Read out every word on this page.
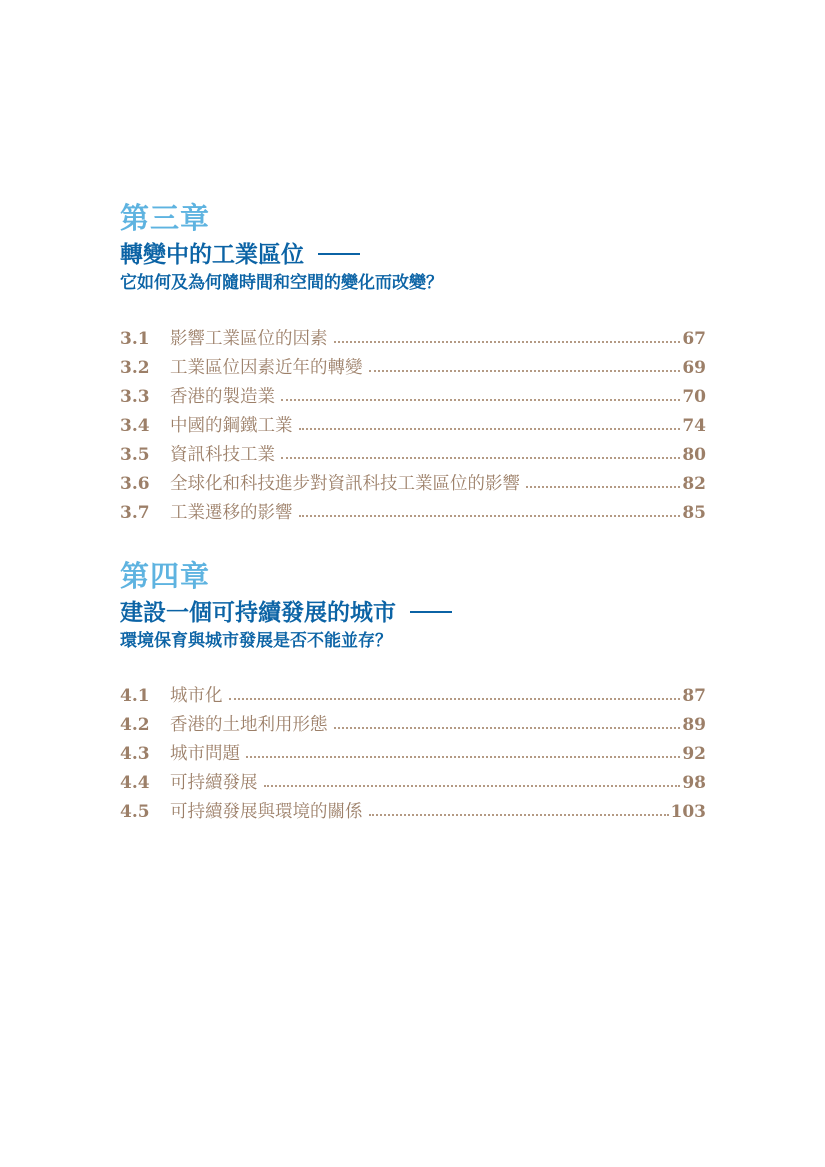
第三章
轉變中的工業區位
它如何及為何隨時間和空間的變化而改變？
3.1	影響工業區位的因素	67
3.2	工業區位因素近年的轉變	69
3.3	香港的製造業	70
3.4	中國的鋼鐵工業	74
3.5	資訊科技工業	80
3.6	全球化和科技進步對資訊科技工業區位的影響	82
3.7	工業遷移的影響	85
第四章
建設一個可持續發展的城市
環境保育與城市發展是否不能並存？
4.1	城市化	87
4.2	香港的土地利用形態	89
4.3	城市問題	92
4.4	可持續發展	98
4.5	可持續發展與環境的關係	103
